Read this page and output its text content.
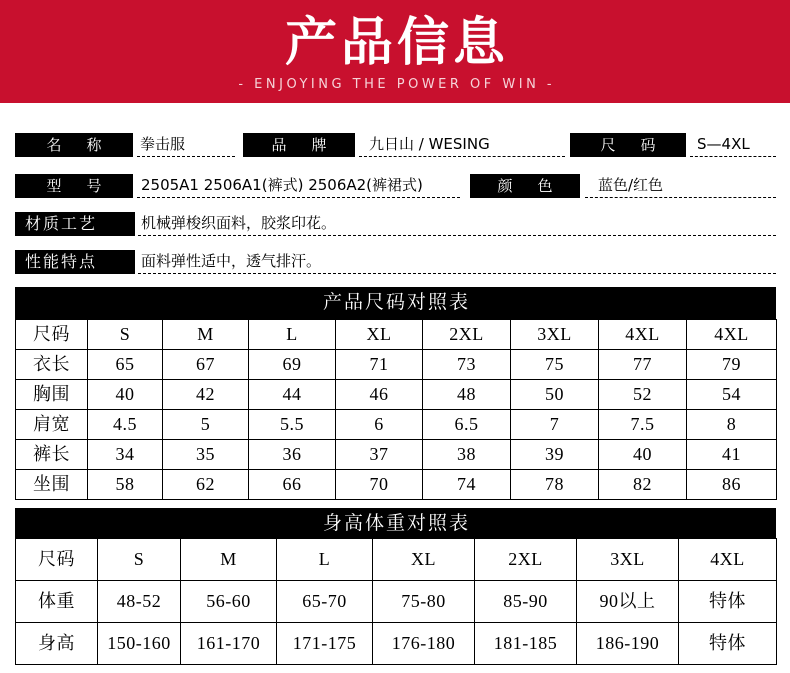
产品信息
- ENJOYING THE POWER OF WIN -
名称 拳击服	品牌	九日山 / WESING	尺码	S—4XL
型号 2505A1 2506A1(裤式) 2506A2(裤裙式)	颜色	蓝色/红色
材质工艺	机械弹梭织面料，胶浆印花。
性能特点	面料弹性适中，透气排汗。
产品尺码对照表
尺码	S	M	L	XL	2XL	3XL	4XL	4XL
衣长	65	67	69	71	73	75	77	79
胸围	40	42	44	46	48	50	52	54
肩宽	4.5	5	5.5	6	6.5	7	7.5	8
裤长	34	35	36	37	38	39	40	41
坐围	58	62	66	70	74	78	82	86
身高体重对照表
尺码	S	M	L	XL	2XL	3XL	4XL
体重	48-52	56-60	65-70	75-80	85-90	90以上	特体
身高	150-160	161-170	171-175	176-180	181-185	186-190	特体
